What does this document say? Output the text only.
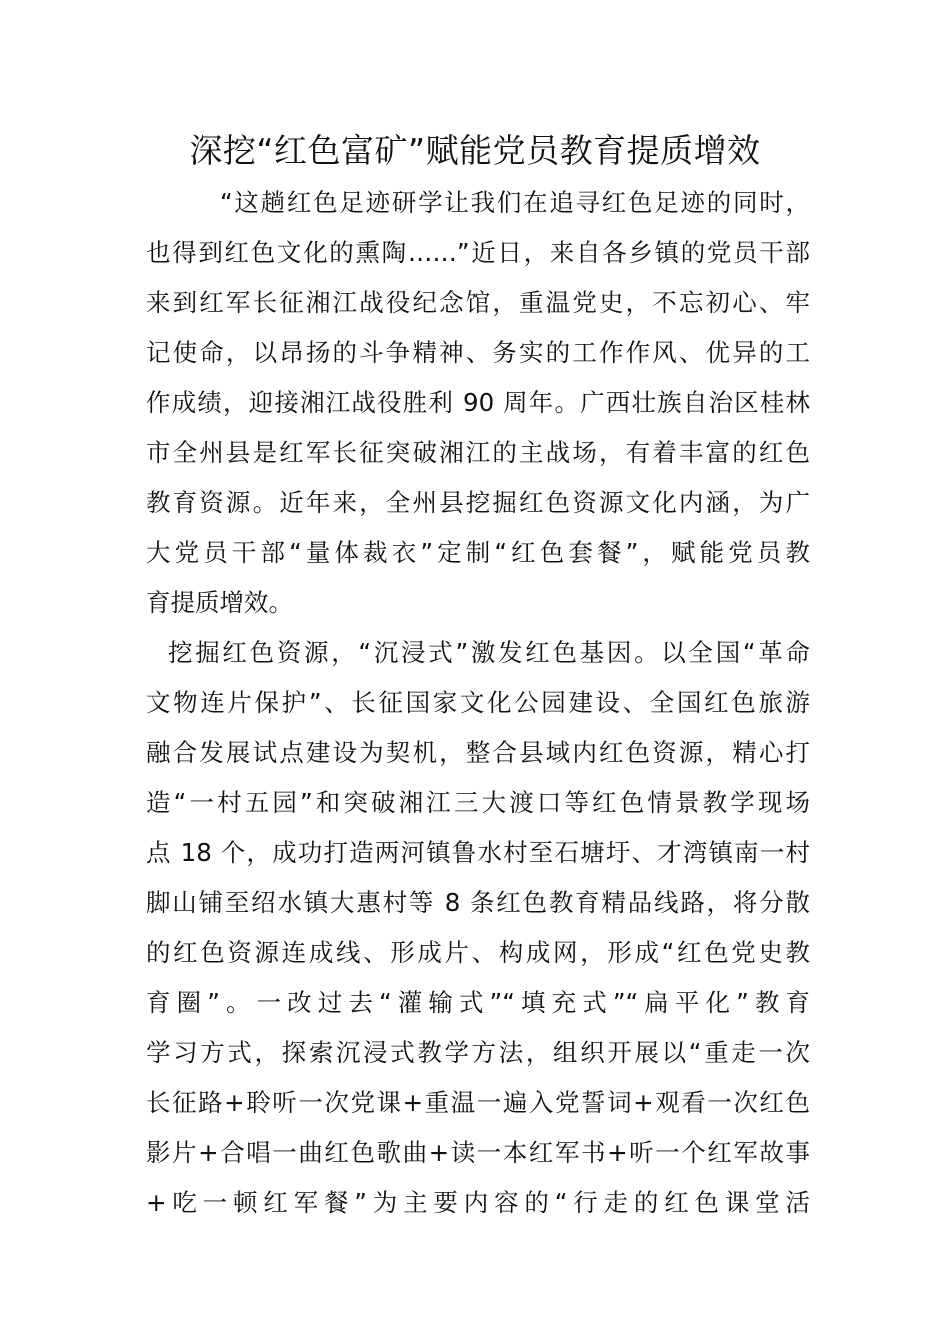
深挖“红色富矿”赋能党员教育提质增效

“这趟红色足迹研学让我们在追寻红色足迹的同时，
也得到红色文化的熏陶……”近日，来自各乡镇的党员干部
来到红军长征湘江战役纪念馆，重温党史，不忘初心、牢
记使命，以昂扬的斗争精神、务实的工作作风、优异的工
作成绩，迎接湘江战役胜利 90 周年。广西壮族自治区桂林
市全州县是红军长征突破湘江的主战场，有着丰富的红色
教育资源。近年来，全州县挖掘红色资源文化内涵，为广
大党员干部“量体裁衣”定制“红色套餐”，赋能党员教
育提质增效。

挖掘红色资源，“沉浸式”激发红色基因。以全国“革命
文物连片保护”、长征国家文化公园建设、全国红色旅游
融合发展试点建设为契机，整合县域内红色资源，精心打
造“一村五园”和突破湘江三大渡口等红色情景教学现场
点 18 个，成功打造两河镇鲁水村至石塘圩、才湾镇南一村
脚山铺至绍水镇大惠村等 8 条红色教育精品线路，将分散
的红色资源连成线、形成片、构成网，形成“红色党史教
育圈”。一改过去“灌输式”“填充式”“扁平化”教育
学习方式，探索沉浸式教学方法，组织开展以“重走一次
长征路+聆听一次党课+重温一遍入党誓词+观看一次红色
影片+合唱一曲红色歌曲+读一本红军书+听一个红军故事
+吃一顿红军餐”为主要内容的“行走的红色课堂活
